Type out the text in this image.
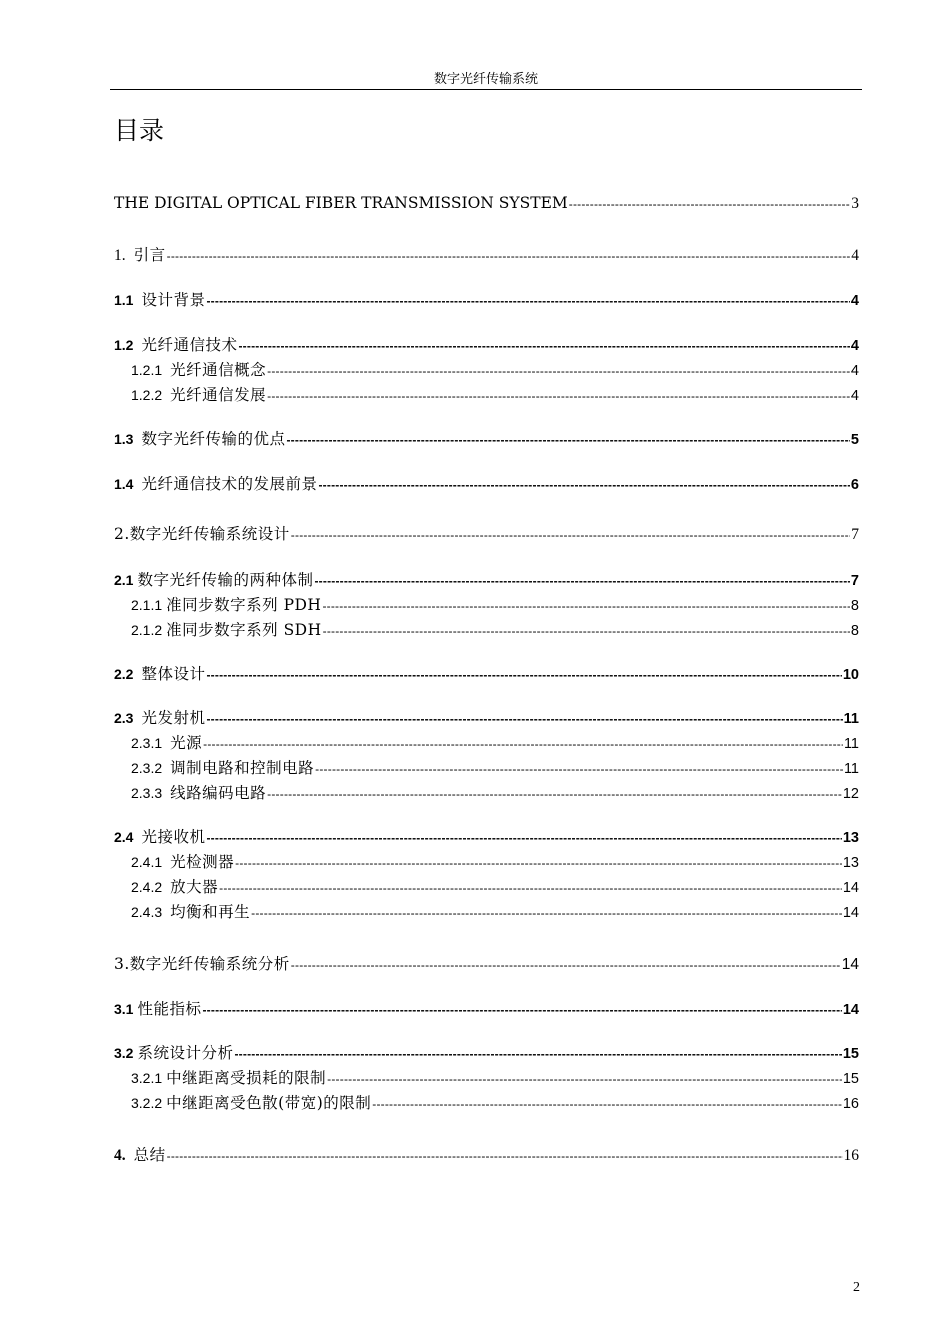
数字光纤传输系统
目录
THE DIGITAL OPTICAL FIBER TRANSMISSION SYSTEM -----	3
1. 引言 -----	4
1.1 设计背景 -----	4
1.2 光纤通信技术 -----	4
1.2.1 光纤通信概念 -----	4
1.2.2 光纤通信发展 -----	4
1.3 数字光纤传输的优点 -----	5
1.4 光纤通信技术的发展前景 -----	6
2.数字光纤传输系统设计 -----	7
2.1 数字光纤传输的两种体制 -----	7
2.1.1 准同步数字系列 PDH -----	8
2.1.2 准同步数字系列 SDH -----	8
2.2 整体设计 -----	10
2.3 光发射机 -----	11
2.3.1 光源 -----	11
2.3.2 调制电路和控制电路 -----	11
2.3.3 线路编码电路 -----	12
2.4 光接收机 -----	13
2.4.1 光检测器 -----	13
2.4.2 放大器 -----	14
2.4.3 均衡和再生 -----	14
3.数字光纤传输系统分析 -----	14
3.1 性能指标 -----	14
3.2 系统设计分析 -----	15
3.2.1 中继距离受损耗的限制 -----	15
3.2.2 中继距离受色散(带宽)的限制 -----	16
4. 总结 -----	16
2
